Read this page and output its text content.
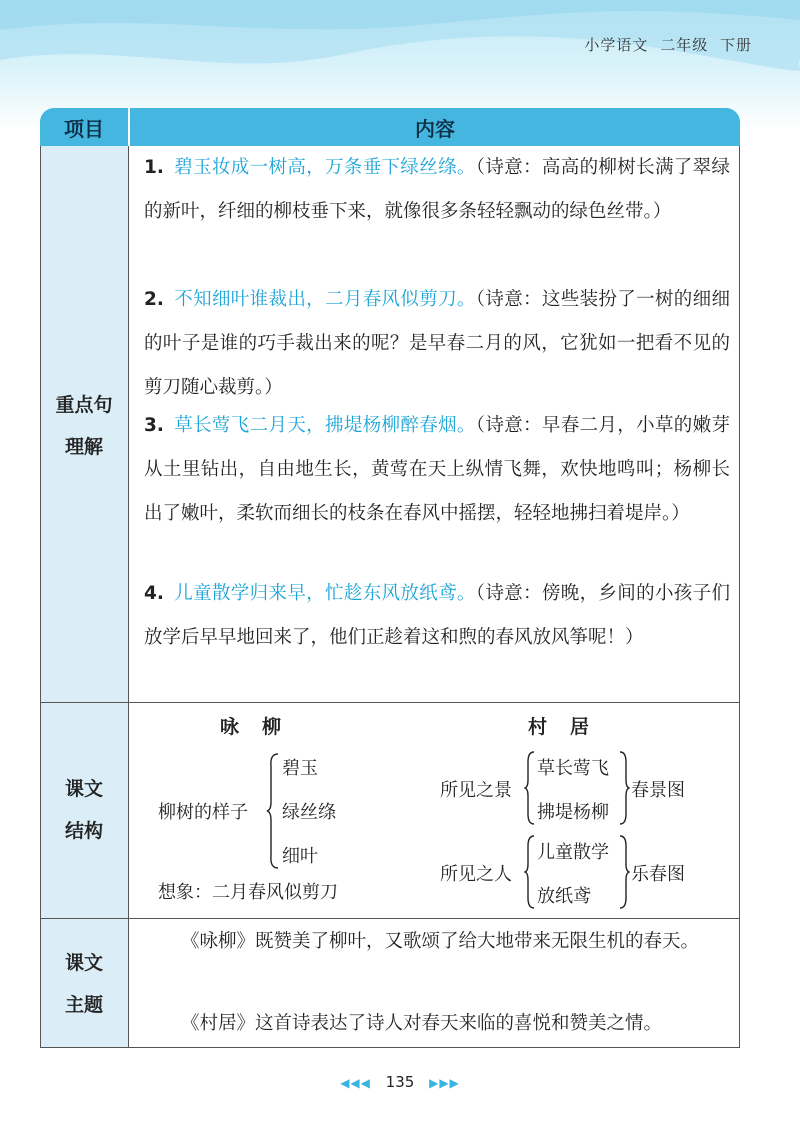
小学语文 二年级 下册
项目	内容
重点句
理解
1. 碧玉妆成一树高，万条垂下绿丝绦。（诗意：高高的柳树长满了翠绿的新叶，纤细的柳枝垂下来，就像很多条轻轻飘动的绿色丝带。）
2. 不知细叶谁裁出，二月春风似剪刀。（诗意：这些装扮了一树的细细的叶子是谁的巧手裁出来的呢？是早春二月的风，它犹如一把看不见的剪刀随心裁剪。）
3. 草长莺飞二月天，拂堤杨柳醉春烟。（诗意：早春二月，小草的嫩芽从土里钻出，自由地生长，黄莺在天上纵情飞舞，欢快地鸣叫；杨柳长出了嫩叶，柔软而细长的枝条在春风中摇摆，轻轻地拂扫着堤岸。）
4. 儿童散学归来早，忙趁东风放纸鸢。（诗意：傍晚，乡间的小孩子们放学后早早地回来了，他们正趁着这和煦的春风放风筝呢！）
课文
结构
咏　柳
柳树的样子
碧玉
绿丝绦
细叶
想象：二月春风似剪刀
村　居
所见之景
草长莺飞
拂堤杨柳
春景图
所见之人
儿童散学
放纸鸢
乐春图
课文
主题
《咏柳》既赞美了柳叶，又歌颂了给大地带来无限生机的春天。
《村居》这首诗表达了诗人对春天来临的喜悦和赞美之情。
◀◀◀ 135 ▶▶▶
